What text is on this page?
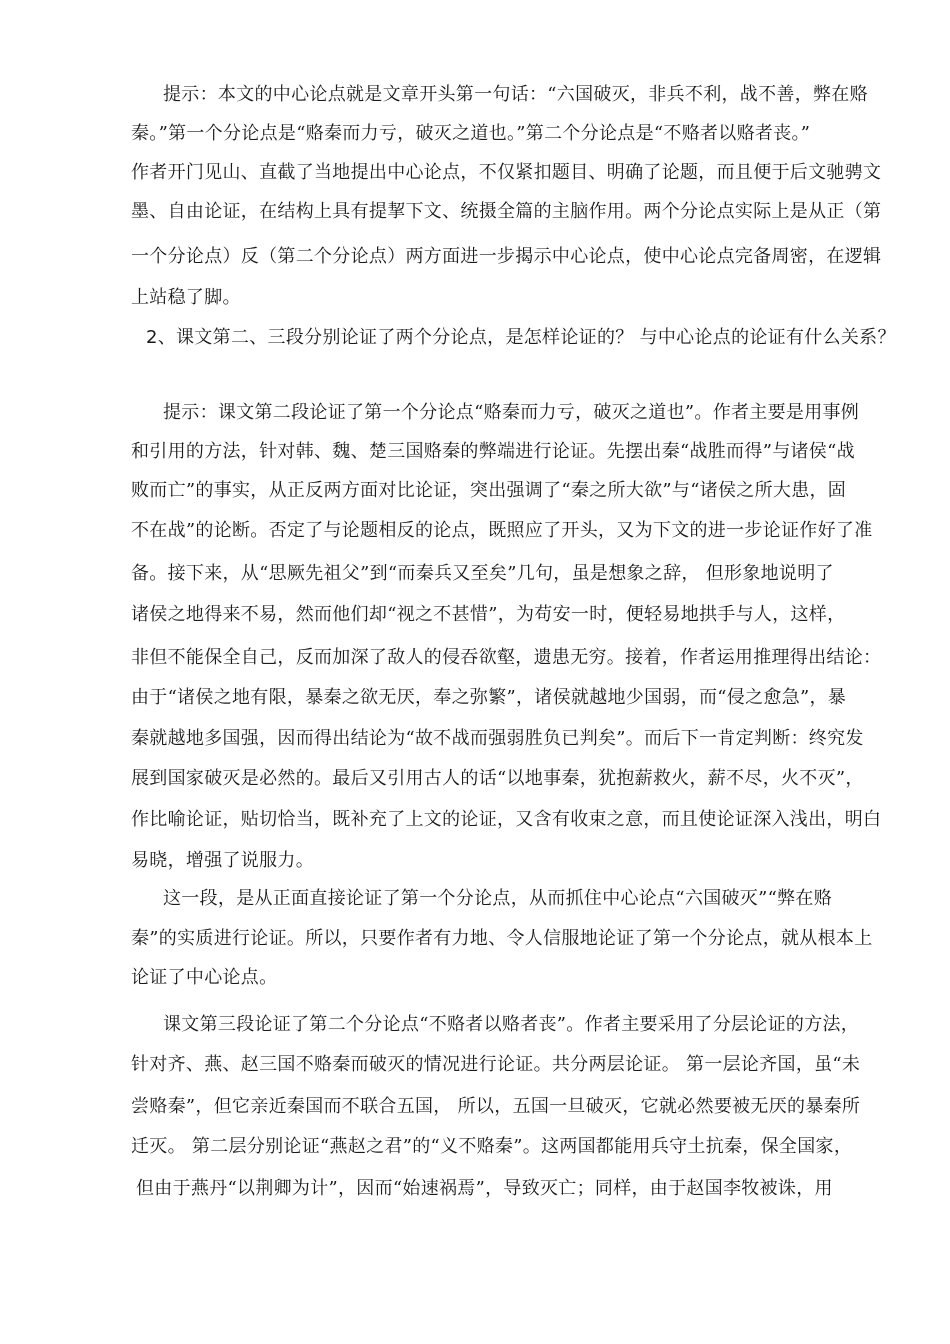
提示：本文的中心论点就是文章开头第一句话：“六国破灭，非兵不利，战不善，弊在赂
秦。”第一个分论点是“赂秦而力亏，破灭之道也。”第二个分论点是“不赂者以赂者丧。”
作者开门见山、直截了当地提出中心论点，不仅紧扣题目、明确了论题，而且便于后文驰骋文
墨、自由论证，在结构上具有提挈下文、统摄全篇的主脑作用。两个分论点实际上是从正（第
一个分论点）反（第二个分论点）两方面进一步揭示中心论点，使中心论点完备周密，在逻辑
上站稳了脚。
2、课文第二、三段分别论证了两个分论点，是怎样论证的？ 与中心论点的论证有什么关系？
提示：课文第二段论证了第一个分论点“赂秦而力亏，破灭之道也”。作者主要是用事例
和引用的方法，针对韩、魏、楚三国赂秦的弊端进行论证。先摆出秦“战胜而得”与诸侯“战
败而亡”的事实，从正反两方面对比论证，突出强调了“秦之所大欲”与“诸侯之所大患，固
不在战”的论断。否定了与论题相反的论点，既照应了开头，又为下文的进一步论证作好了准
备。接下来，从“思厥先祖父”到“而秦兵又至矣”几句，虽是想象之辞， 但形象地说明了
诸侯之地得来不易，然而他们却“视之不甚惜”，为苟安一时，便轻易地拱手与人，这样，
非但不能保全自己，反而加深了敌人的侵吞欲壑，遗患无穷。接着，作者运用推理得出结论：
由于“诸侯之地有限，暴秦之欲无厌，奉之弥繁”，诸侯就越地少国弱，而“侵之愈急”，暴
秦就越地多国强，因而得出结论为“故不战而强弱胜负已判矣”。而后下一肯定判断：终究发
展到国家破灭是必然的。最后又引用古人的话“以地事秦，犹抱薪救火，薪不尽，火不灭”，
作比喻论证，贴切恰当，既补充了上文的论证，又含有收束之意，而且使论证深入浅出，明白
易晓，增强了说服力。
这一段，是从正面直接论证了第一个分论点，从而抓住中心论点“六国破灭”“弊在赂
秦”的实质进行论证。所以，只要作者有力地、令人信服地论证了第一个分论点，就从根本上
论证了中心论点。
课文第三段论证了第二个分论点“不赂者以赂者丧”。作者主要采用了分层论证的方法，
针对齐、燕、赵三国不赂秦而破灭的情况进行论证。共分两层论证。 第一层论齐国，虽“未
尝赂秦”，但它亲近秦国而不联合五国， 所以，五国一旦破灭，它就必然要被无厌的暴秦所
迁灭。 第二层分别论证“燕赵之君”的“义不赂秦”。这两国都能用兵守土抗秦，保全国家，
但由于燕丹“以荆卿为计”，因而“始速祸焉”，导致灭亡；同样，由于赵国李牧被诛，用
